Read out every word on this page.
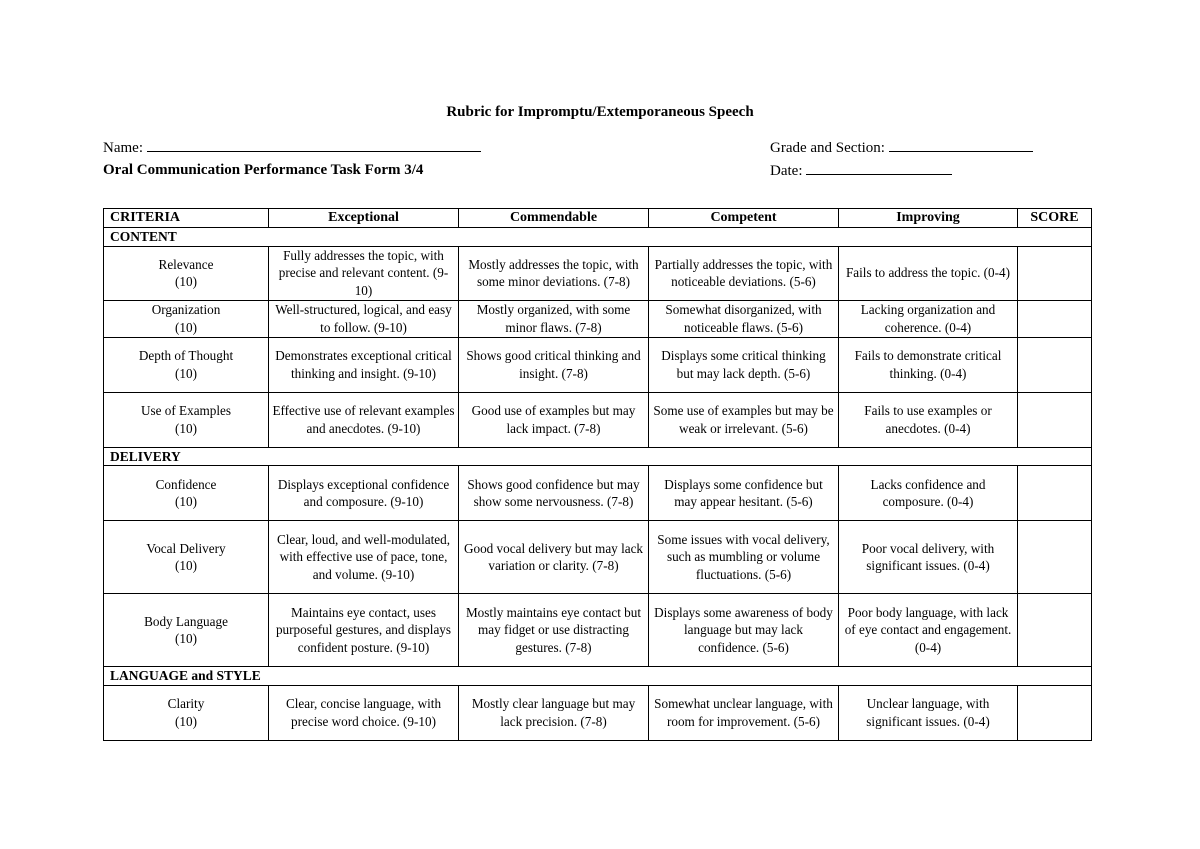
Rubric for Impromptu/Extemporaneous Speech
Name:
Oral Communication Performance Task Form 3/4
Grade and Section:
Date:
CRITERIA	Exceptional	Commendable	Competent	Improving	SCORE
CONTENT					

Relevance
(10)	Fully addresses the topic, with precise and relevant content. (9-10)	Mostly addresses the topic, with some minor deviations. (7-8)	Partially addresses the topic, with noticeable deviations. (5-6)	Fails to address the topic. (0-4)	

Organization
(10)	Well-structured, logical, and easy to follow. (9-10)	Mostly organized, with some minor flaws. (7-8)	Somewhat disorganized, with noticeable flaws. (5-6)	Lacking organization and coherence. (0-4)	

Depth of Thought
(10)	Demonstrates exceptional critical thinking and insight. (9-10)	Shows good critical thinking and insight. (7-8)	Displays some critical thinking but may lack depth. (5-6)	Fails to demonstrate critical thinking. (0-4)	

Use of Examples
(10)	Effective use of relevant examples and anecdotes. (9-10)	Good use of examples but may lack impact. (7-8)	Some use of examples but may be weak or irrelevant. (5-6)	Fails to use examples or anecdotes. (0-4)	
DELIVERY					

Confidence
(10)	Displays exceptional confidence and composure. (9-10)	Shows good confidence but may show some nervousness. (7-8)	Displays some confidence but may appear hesitant. (5-6)	Lacks confidence and composure. (0-4)	

Vocal Delivery
(10)	Clear, loud, and well-modulated, with effective use of pace, tone, and volume. (9-10)	Good vocal delivery but may lack variation or clarity. (7-8)	Some issues with vocal delivery, such as mumbling or volume fluctuations. (5-6)	Poor vocal delivery, with significant issues. (0-4)	

Body Language
(10)	Maintains eye contact, uses purposeful gestures, and displays confident posture. (9-10)	Mostly maintains eye contact but may fidget or use distracting gestures. (7-8)	Displays some awareness of body language but may lack confidence. (5-6)	Poor body language, with lack of eye contact and engagement. (0-4)	
LANGUAGE and STYLE					

Clarity
(10)	Clear, concise language, with precise word choice. (9-10)	Mostly clear language but may lack precision. (7-8)	Somewhat unclear language, with room for improvement. (5-6)	Unclear language, with significant issues. (0-4)	
